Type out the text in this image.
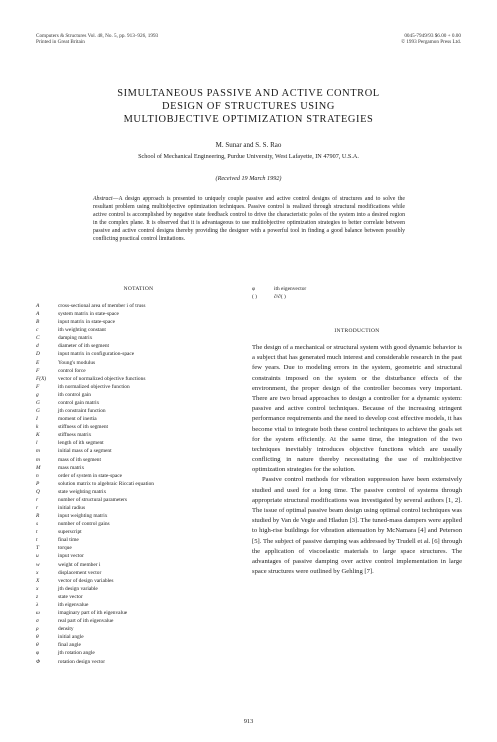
Computers & Structures Vol. 48, No. 5, pp. 913–926, 1993
Printed in Great Britain
0045-7949/93 $6.00 + 0.00
© 1993 Pergamon Press Ltd.
SIMULTANEOUS PASSIVE AND ACTIVE CONTROL
DESIGN OF STRUCTURES USING
MULTIOBJECTIVE OPTIMIZATION STRATEGIES
M. Sunar and S. S. Rao
School of Mechanical Engineering, Purdue University, West Lafayette, IN 47907, U.S.A.
(Received 19 March 1992)
Abstract—A design approach is presented to uniquely couple passive and active control designs of structures and to solve the resultant problem using multiobjective optimization techniques. Passive control is realized through structural modifications while active control is accomplished by negative state feedback control to drive the characteristic poles of the system into a desired region in the complex plane. It is observed that it is advantageous to use multiobjective optimization strategies to better correlate between passive and active control designs thereby providing the designer with a powerful tool in finding a good balance between possibly conflicting practical control limitations.
NOTATION
A	cross-sectional area of member i of truss
A	system matrix in state-space
B	input matrix in state-space
c	ith weighting constant
C	damping matrix
d	diameter of ith segment
D	input matrix in configuration-space
E	Young's modulus
F	control force
F(X)	vector of normalized objective functions
F	ith normalized objective function
g	ith control gain
G	control gain matrix
G	jth constraint function
I	moment of inertia
k	stiffness of ith segment
K	stiffness matrix
l	length of ith segment
m	initial mass of a segment
m	mass of ith segment
M	mass matrix
n	order of system in state-space
P	solution matrix to algebraic Riccati equation
Q	state weighting matrix
r	number of structural parameters
r	initial radius
R	input weighting matrix
s	number of control gains
t	superscript
t	final time
T	torque
u	input vector
w	weight of member i
x	displacement vector
X	vector of design variables
x	jth design variable
z	state vector
λ	ith eigenvalue
ω	imaginary part of ith eigenvalue
σ	real part of ith eigenvalue
ρ	density
θ	initial angle
θ	final angle
φ	jth rotation angle
Φ	rotation design vector
φ	ith eigenvector
( )	∂/∂( )
INTRODUCTION

The design of a mechanical or structural system with good dynamic behavior is a subject that has generated much interest and considerable research in the past few years. Due to modeling errors in the system, geometric and structural constraints imposed on the system or the disturbance effects of the environment, the proper design of the controller becomes very important. There are two broad approaches to design a controller for a dynamic system: passive and active control techniques. Because of the increasing stringent performance requirements and the need to develop cost effective models, it has become vital to integrate both these control techniques to achieve the goals set for the system efficiently. At the same time, the integration of the two techniques inevitably introduces objective functions which are usually conflicting in nature thereby necessitating the use of multiobjective optimization strategies for the solution.

Passive control methods for vibration suppression have been extensively studied and used for a long time. The passive control of systems through appropriate structural modifications was investigated by several authors [1, 2]. The issue of optimal passive beam design using optimal control techniques was studied by Van de Vegte and Hladun [3]. The tuned-mass dampers were applied to high-rise buildings for vibration attenuation by McNamara [4] and Peterson [5]. The subject of passive damping was addressed by Trudell et al. [6] through the application of viscoelastic materials to large space structures. The advantages of passive damping over active control implementation in large space structures were outlined by Gehling [7].

913
